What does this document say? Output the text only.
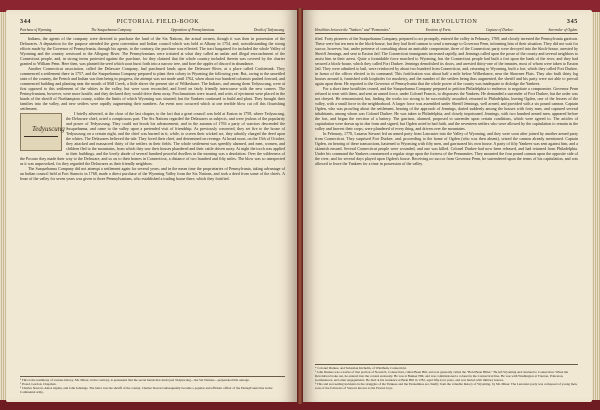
344	PICTORIAL FIELD-BOOK
Purchase of Wyoming.	The Susquehanna Company.	Opposition of Pennsylvanians.	Death of Tedyuscung.

Indians, the agents of the company were directed to purchase the land of the Six Nations, the actual owners, though it was then in possession of the Delawares. A deputation for the purpose attended the great convention and Indian council which was held at Albany in 1754, and, notwithstanding the strong efforts made by the Governor of Pennsylvania, through his agents, to the contrary, the purchase was effected. The tract bargained for included the whole Valley of Wyoming and the country westward to the Allegany River. The Pennsylvanians were irritated at what they called an unfair and illegal encroachment of the Connecticut people, and, in strong terms protested against the purchase, for they claimed that the whole country included therein was covered by the charter granted to William Penn. Here then, was planted the seed which soon burst forth into a narrow tree, and bore the apples of discord in abundance.

Another Connecticut association, called the Delaware Company, had purchased lands upon the Delaware River, at a place called Cushietunk. They commenced a settlement there in 1757, and the Susquehanna Company prepared to plant their colony in Wyoming the following year. But, owing to the unsettled state of the country, the French and Indian war then being in progress, the attempt was not made until 1762, when about two hundred colonists pushed forward, and commenced building and planting near the mouth of Mill Creek, a little above the present site of Wilkesbarre. The Indians, and among them Tedyuscung, were at first opposed to this settlement of the whites in the valley, but were soon reconciled, and lived on fairly friendly intercourse with the new comers. The Pennsylvanians, however, were more hostile, and they declared they would drive them away. Proclamations were issued, and writs of ejectment were placed in the hands of the sheriff of Northampton county, within the limits of which Wyoming was situated; but the Yankees continued to build and plant. They brought their families into the valley, and new settlers were rapidly augmenting their numbers. An event now occurred which at one terrible blow cut off this flourishing settlement.

Tedyuscung
I briefly adverted, at the close of the last chapter, to the fact that a great council was held at Easton in 1758, where Tedyuscung, the Delaware chief, acted a conspicuous part. The Six Nations regarded the Delawares as subjects, and were jealous of the popularity and power of Tedyuscung. They could not brook his advancement, and in the autumn of 1763 a party of warriors descended the Susquehanna, and came to the valley upon a pretended visit of friendship. As previously concerted, they set fire to the house of Tedyuscung on a certain night, and the chief was burned in it; while, to screen their wicked act, they adroitly charged the deed upon the whites. The Delawares believed the tale. They loved their chief, and determined on revenge. At broad noon, on the 15th of October, they attacked and massacred thirty of the settlers in their fields. The whole settlement was speedily alarmed, and men, women, and children fled to the mountains, from which they saw their houses plundered and their cattle driven away. At night the torch was applied to their buildings, and the lovely abode of several hundred peaceful dwellers in the morning was a desolation. Over the wilderness of the Pocono they made their way to the Delaware, and so on to their homes in Connecticut, a distance of two hundred and fifty miles. The blow was so unexpected as it was unprovoked, for they regarded the Delawares as their friendly neighbors.

The Susquehanna Company did not attempt a settlement again for several years; and in the mean time the proprietaries of Pennsylvania, taking advantage of an Indian council held at Fort Stanwix in 1768, made a direct purchase of the Wyoming Valley from the Six Nations, and took a deed from some of the chiefs. A lease of the valley for seven years was given to three Pennsylvanians, who established a trading house there, which they fortified.

¹ This is the testimony of various history. Mr. Minor, in the contrary, is persuaded that the secret hands that destroyed Tedyuscung—the Six Nations—perpetrated this outrage.
² Proud, Gordon, Chapman.
³ Charles Stewart, Amos Ogden, and John Jennings. The latter was the sheriff of the county. Charles Stewart subsequently became a popular and efficient officer of the Pennsylvania line in the Continental army.
OF THE REVOLUTION	345
Hostilities between the "Yankees" and "Pennamites".	Erection of Forts.	Capture of Durkee.	Surrender of Ogden.

ified. Forty pioneers of the Susquehanna Company, prepared to act promptly, entered the valley in February, 1769, and closely invested the Pennsylvania garrison. These were but ten men in the block-house, but they had fired cannon to send a message to Governor Penn, informing him of their situation. They did not wait for succor, however, but, under pretense of consulting about an amicable compromise, three of the Connecticut party were decoyed into the block-house, arrested by Sheriff Jennings, and sent to Easton Jail. The Connecticut immigrants increased rapidly, and Jennings called upon the posse of the county and several neighbors to assist him in their arrest. Quite a formidable force marched to Wyoming, but the Connecticut people had built a fort upon the bank of the river, and they had secured a block-house, which they called Fort Durkee. Jennings demolished its doors, and arrested thirty-one of the inmates, most of whom were taken to Easton Jail. They were admitted to bail, were reinforced by about two hundred from Connecticut, and, returning to Wyoming, built a fort, which they called Fort Durkee, in honor of the officer elected to its command. This fortification was about half a mile below Wilkesbarre, near the Shawnee Flats. They also built thirty log houses around it, furnished with loopholes for musketry, and the number of the settlers being thus augmented, the sheriff and his party were not able to prevail again upon them. He reported to the Governor of Pennsylvania that the whole power of the county was inadequate to dislodge the Yankees.

For a short time hostilities ceased, and the Susquehanna Company prepared to petition Philadelphia to endeavor to negotiate a compromise. Governor Penn refused to treat with them, and sent an armed force, under Colonel Francis, to dispossess the Yankees. He demanded a surrender of Fort Durkee, but the order was not obeyed. He remonstrated, but, finding the works too strong to be successfully assaulted, returned to Philadelphia, leaving Ogden, one of the lessees of the valley, with a small force in the neighborhood. A larger force was assembled under Sheriff Jennings, well armed, and provided with a six pound cannon. Captain Ogden, who was prowling about the settlement, hearing of the approach of Jennings, darted suddenly among the houses with forty men, and captured several inhabitants, among whom was Colonel Durkee. He was taken to Philadelphia, and closely imprisoned. Jennings, with two hundred armed men, appeared before the fort, and began the erection of a battery. The garrison, alarmed, proposed to surrender upon certain conditions, which were agreed to. The articles of capitulation were drawn up in due form and signed, but Ogden acted in bad faith, and the seventeen settlers who were allowed by the capitulation to remain in the valley and harvest their crops, were plundered of every thing, and driven over the mountains.

In February, 1770, Lazarus Stewart led an armed party from Lancaster into the Valley of Wyoming, and they were soon after joined by another armed party from Connecticut. They surprised Fort Durkee, and, proceeding to the home of Ogden (who was then absent), seized the cannon already mentioned. Captain Ogden, on hearing of these transactions, hastened to Wyoming with fifty men, and garrisoned his own house. A party of fifty Yankees was sent against him, and a skirmish ensued. Several Connecticut people were wounded, and one was killed. Colonel Durkee had now been released, and had returned from Philadelphia. Under his command the Yankees commenced a regular siege upon the fortress of the Pennamites. They mounted the four pound cannon upon the opposite side of the river, and for several days played upon Ogden's house. Receiving no succor from Governor Penn, he surrendered upon the terms of his capitulation, and was allowed to leave the Yankees for a time in possession of the valley.

* Colonel Durkee, and Sebastian Kichelin, of Windham, Connecticut.
² John Durkee was a native of that portion of Norwich, Connecticut, called Bean Hill, and was generally called the "Bold Bean Hiller." He left Wyoming and returned to Connecticut. When the Revolution broke out, he entered into the contest zealously. He was at Bunker Hill, and was commissioned a colonel in the Connecticut line. He was with Washington at Trenton, Princeton, Germantown, and other engagements. He died at his residence at Bean Hill in 1782, aged fifty-four years, and was buried with military honors.
³ This and succeeding incidents in the struggles of the Yankees and the Pennamites are chiefly from the valuable history of Wyoming, by Mr. Miner. The Lancaster party was composed of young men, sons of the followers of Stewart known as the Paxton boys.
